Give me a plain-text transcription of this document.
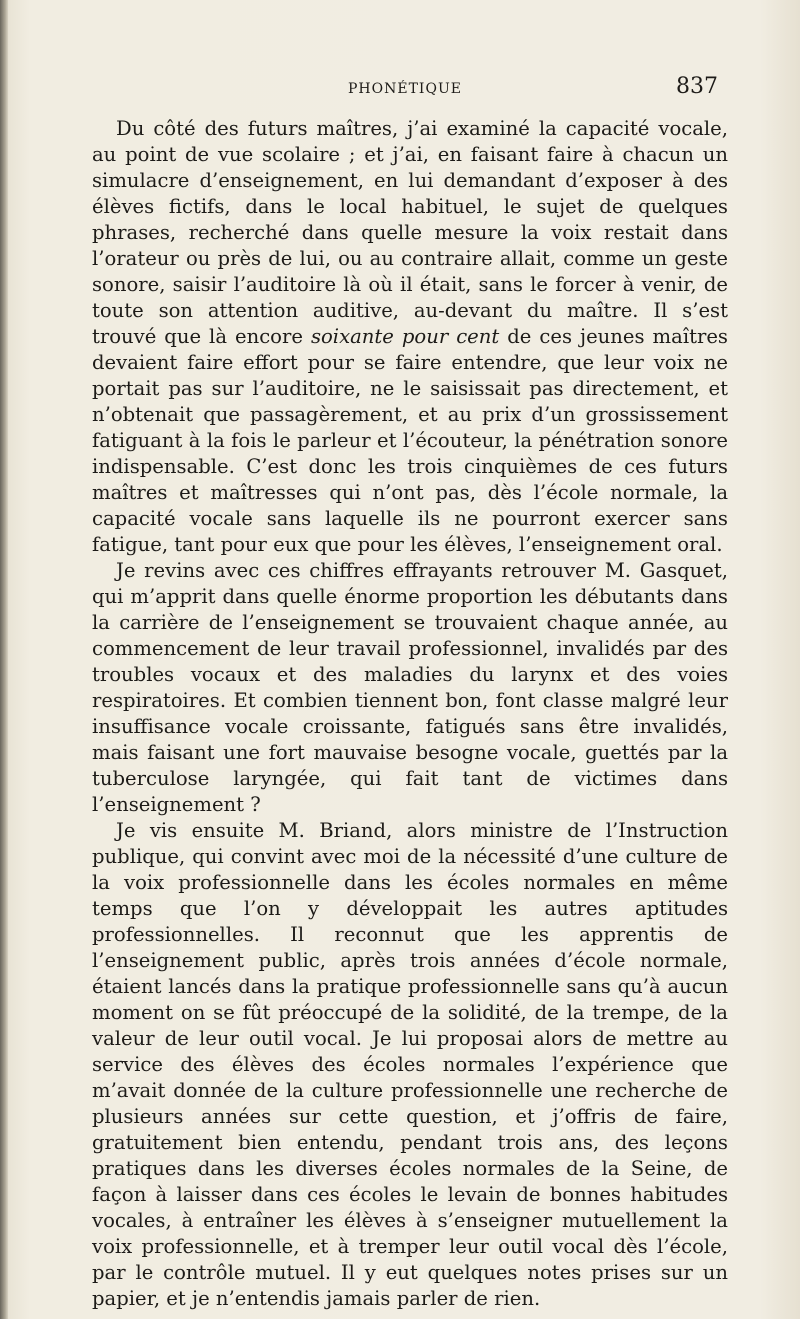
PHONÉTIQUE	837

Du côté des futurs maîtres, j’ai examiné la capacité vocale, au point de vue scolaire ; et j’ai, en faisant faire à chacun un simulacre d’enseignement, en lui demandant d’exposer à des élèves fictifs, dans le local habituel, le sujet de quelques phrases, recherché dans quelle mesure la voix restait dans l’orateur ou près de lui, ou au contraire allait, comme un geste sonore, saisir l’auditoire là où il était, sans le forcer à venir, de toute son attention auditive, au-devant du maître. Il s’est trouvé que là encore soixante pour cent de ces jeunes maîtres devaient faire effort pour se faire entendre, que leur voix ne portait pas sur l’auditoire, ne le saisissait pas directement, et n’obtenait que passagèrement, et au prix d’un grossissement fatiguant à la fois le parleur et l’écouteur, la pénétration sonore indispensable. C’est donc les trois cinquièmes de ces futurs maîtres et maîtresses qui n’ont pas, dès l’école normale, la capacité vocale sans laquelle ils ne pourront exercer sans fatigue, tant pour eux que pour les élèves, l’enseignement oral.

Je revins avec ces chiffres effrayants retrouver M. Gasquet, qui m’apprit dans quelle énorme proportion les débutants dans la carrière de l’enseignement se trouvaient chaque année, au commencement de leur travail professionnel, invalidés par des troubles vocaux et des maladies du larynx et des voies respiratoires. Et combien tiennent bon, font classe malgré leur insuffisance vocale croissante, fatigués sans être invalidés, mais faisant une fort mauvaise besogne vocale, guettés par la tuberculose laryngée, qui fait tant de victimes dans l’enseignement ?

Je vis ensuite M. Briand, alors ministre de l’Instruction publique, qui convint avec moi de la nécessité d’une culture de la voix professionnelle dans les écoles normales en même temps que l’on y développait les autres aptitudes professionnelles. Il reconnut que les apprentis de l’enseignement public, après trois années d’école normale, étaient lancés dans la pratique professionnelle sans qu’à aucun moment on se fût préoccupé de la solidité, de la trempe, de la valeur de leur outil vocal. Je lui proposai alors de mettre au service des élèves des écoles normales l’expérience que m’avait donnée de la culture professionnelle une recherche de plusieurs années sur cette question, et j’offris de faire, gratuitement bien entendu, pendant trois ans, des leçons pratiques dans les diverses écoles normales de la Seine, de façon à laisser dans ces écoles le levain de bonnes habitudes vocales, à entraîner les élèves à s’enseigner mutuellement la voix professionnelle, et à tremper leur outil vocal dès l’école, par le contrôle mutuel. Il y eut quelques notes prises sur un papier, et je n’entendis jamais parler de rien.
